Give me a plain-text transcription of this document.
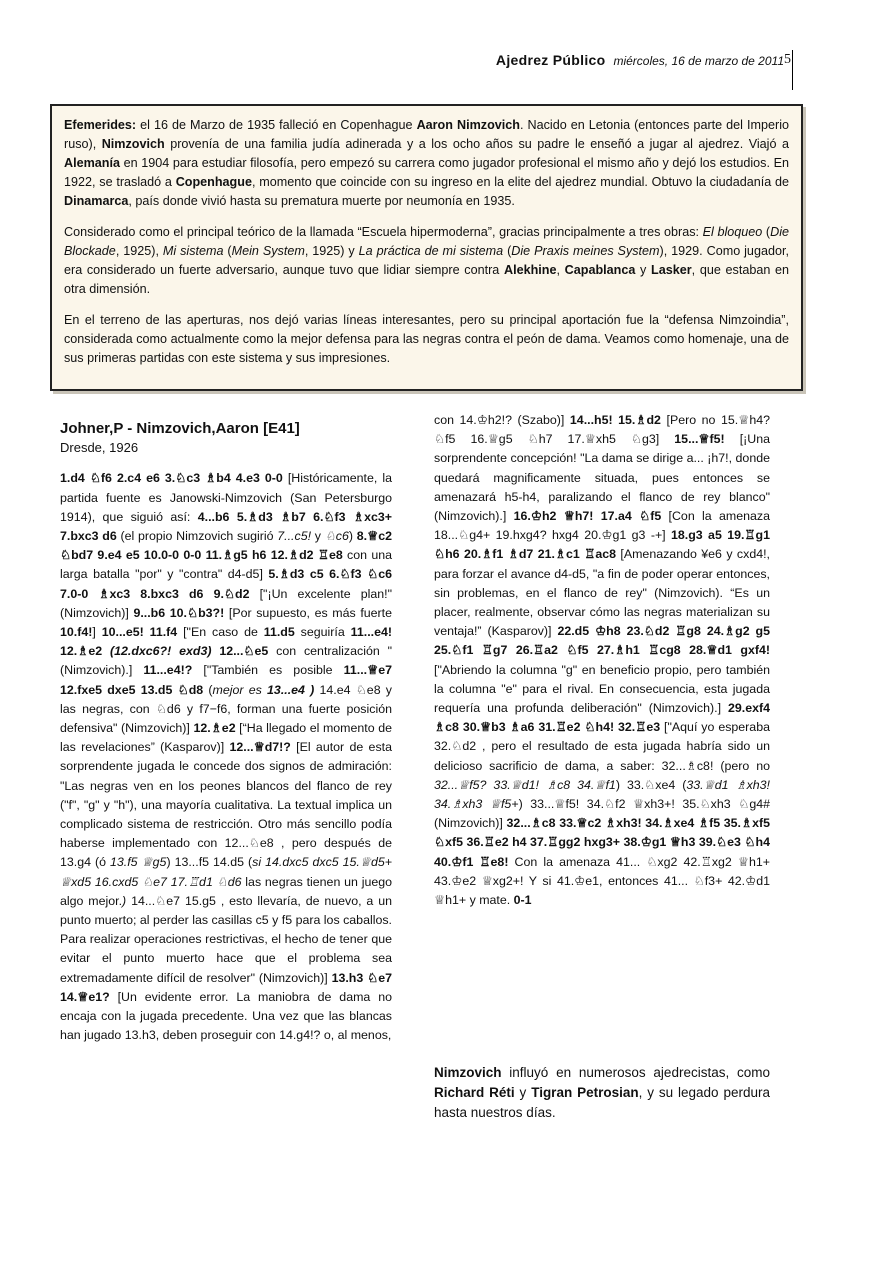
Ajedrez Público miércoles, 16 de marzo de 2011 5

Efemerides: el 16 de Marzo de 1935 falleció en Copenhague Aaron Nimzovich. Nacido en Letonia (entonces parte del Imperio ruso), Nimzovich provenía de una familia judía adinerada y a los ocho años su padre le enseñó a jugar al ajedrez. Viajó a Alemanía en 1904 para estudiar filosofía, pero empezó su carrera como jugador profesional el mismo año y dejó los estudios. En 1922, se trasladó a Copenhague, momento que coincide con su ingreso en la elite del ajedrez mundial. Obtuvo la ciudadanía de Dinamarca, país donde vivió hasta su prematura muerte por neumonía en 1935.

Considerado como el principal teórico de la llamada “Escuela hipermoderna”, gracias principalmente a tres obras: El bloqueo (Die Blockade, 1925), Mi sistema (Mein System, 1925) y La práctica de mi sistema (Die Praxis meines System), 1929. Como jugador, era considerado un fuerte adversario, aunque tuvo que lidiar siempre contra Alekhine, Capablanca y Lasker, que estaban en otra dimensión.

En el terreno de las aperturas, nos dejó varias líneas interesantes, pero su principal aportación fue la “defensa Nimzoindia”, considerada como actualmente como la mejor defensa para las negras contra el peón de dama. Veamos como homenaje, una de sus primeras partidas con este sistema y sus impresiones.

Johner,P - Nimzovich,Aaron [E41]
Dresde, 1926
1.d4 ♘f6 2.c4 e6 3.♘c3 ♗b4 4.e3 0-0 [Históricamente, la partida fuente es Janowski-Nimzovich (San Petersburgo 1914), que siguió así: 4...b6 5.♗d3 ♗b7 6.♘f3 ♗xc3+ 7.bxc3 d6 (el propio Nimzovich sugirió 7...c5! y ♘c6) 8.♕c2 ♘bd7 9.e4 e5 10.0-0 0-0 11.♗g5 h6 12.♗d2 ♖e8 con una larga batalla "por" y "contra" d4-d5] 5.♗d3 c5 6.♘f3 ♘c6 7.0-0 ♗xc3 8.bxc3 d6 9.♘d2 ["¡Un excelente plan!" (Nimzovich)] 9...b6 10.♘b3?! [Por supuesto, es más fuerte 10.f4!] 10...e5! 11.f4 ["En caso de 11.d5 seguiría 11...e4! 12.♗e2 (12.dxc6?! exd3) 12...♘e5 con centralización "(Nimzovich).] 11...e4!? ["También es posible 11...♕e7 12.fxe5 dxe5 13.d5 ♘d8 (mejor es 13...e4 ) 14.e4 ♘e8 y las negras, con ♘d6 y f7−f6, forman una fuerte posición defensiva" (Nimzovich)] 12.♗e2 [“Ha llegado el momento de las revelaciones” (Kasparov)] 12...♕d7!? [El autor de esta sorprendente jugada le concede dos signos de admiración: "Las negras ven en los peones blancos del flanco de rey ("f", "g" y "h"), una mayoría cualitativa. La textual implica un complicado sistema de restricción. Otro más sencillo podía haberse implementado con 12...♘e8 , pero después de 13.g4 (ó 13.f5 ♕g5) 13...f5 14.d5 (si 14.dxc5 dxc5 15.♕d5+ ♕xd5 16.cxd5 ♘e7 17.♖d1 ♘d6 las negras tienen un juego algo mejor.) 14...♘e7 15.g5 , esto llevaría, de nuevo, a un punto muerto; al perder las casillas c5 y f5 para los caballos. Para realizar operaciones restrictivas, el hecho de tener que evitar el punto muerto hace que el problema sea extremadamente difícil de resolver" (Nimzovich)] 13.h3 ♘e7 14.♕e1? [Un evidente error. La maniobra de dama no encaja con la jugada precedente. Una vez que las blancas han jugado 13.h3, deben proseguir con 14.g4!? o, al menos,
con 14.♔h2!? (Szabo)] 14...h5! 15.♗d2 [Pero no 15.♕h4? ♘f5 16.♕g5 ♘h7 17.♕xh5 ♘g3] 15...♕f5! [¡Una sorprendente concepción! "La dama se dirige a... ¡h7!, donde quedará magnificamente situada, pues entonces se amenazará h5-h4, paralizando el flanco de rey blanco" (Nimzovich).] 16.♔h2 ♕h7! 17.a4 ♘f5 [Con la amenaza 18...♘g4+ 19.hxg4? hxg4 20.♔g1 g3 -+] 18.g3 a5 19.♖g1 ♘h6 20.♗f1 ♗d7 21.♗c1 ♖ac8 [Amenazando ¥e6 y cxd4!, para forzar el avance d4-d5, "a fin de poder operar entonces, sin problemas, en el flanco de rey" (Nimzovich). “Es un placer, realmente, observar cómo las negras materializan su ventaja!” (Kasparov)] 22.d5 ♔h8 23.♘d2 ♖g8 24.♗g2 g5 25.♘f1 ♖g7 26.♖a2 ♘f5 27.♗h1 ♖cg8 28.♕d1 gxf4! ["Abriendo la columna "g" en beneficio propio, pero también la columna "e" para el rival. En consecuencia, esta jugada requería una profunda deliberación" (Nimzovich).] 29.exf4 ♗c8 30.♕b3 ♗a6 31.♖e2 ♘h4! 32.♖e3 ["Aquí yo esperaba 32.♘d2 , pero el resultado de esta jugada habría sido un delicioso sacrificio de dama, a saber: 32...♗c8! (pero no 32...♕f5? 33.♕d1! ♗c8 34.♕f1) 33.♘xe4 (33.♕d1 ♗xh3! 34.♗xh3 ♕f5+) 33...♕f5! 34.♘f2 ♕xh3+! 35.♘xh3 ♘g4# (Nimzovich)] 32...♗c8 33.♕c2 ♗xh3! 34.♗xe4 ♗f5 35.♗xf5 ♘xf5 36.♖e2 h4 37.♖gg2 hxg3+ 38.♔g1 ♕h3 39.♘e3 ♘h4 40.♔f1 ♖e8! Con la amenaza 41... ♘xg2 42.♖xg2 ♕h1+ 43.♔e2 ♕xg2+! Y si 41.♔e1, entonces 41... ♘f3+ 42.♔d1 ♕h1+ y mate. 0-1
Nimzovich influyó en numerosos ajedrecistas, como Richard Réti y Tigran Petrosian, y su legado perdura hasta nuestros días.
